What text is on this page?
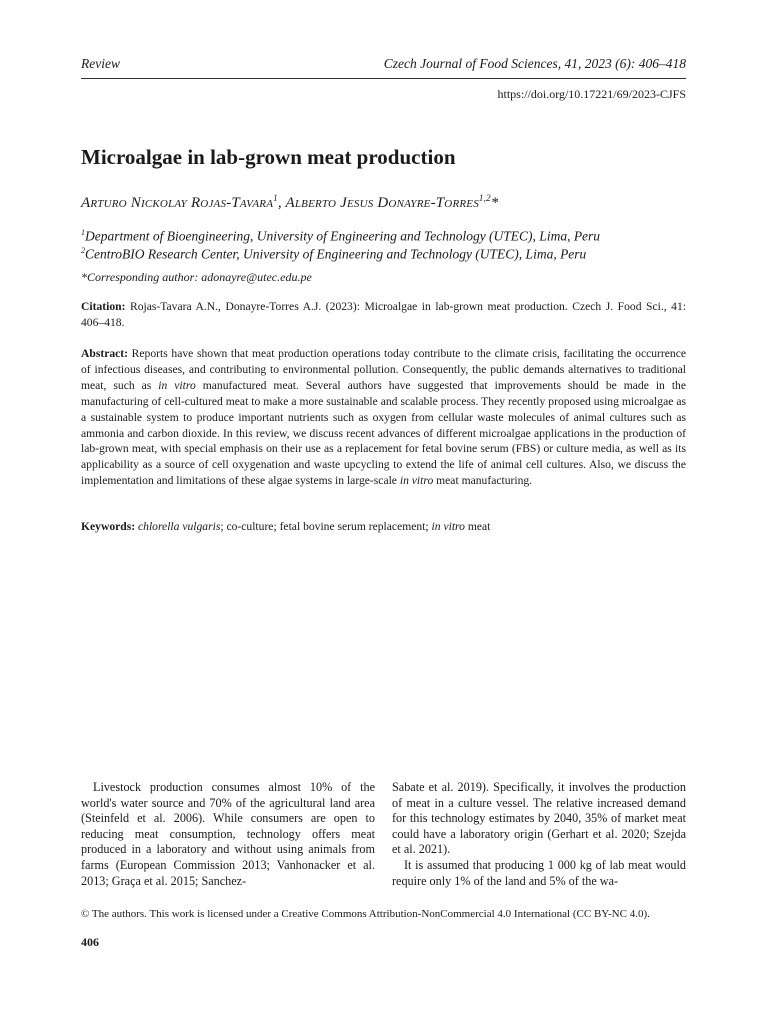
Review	Czech Journal of Food Sciences, 41, 2023 (6): 406–418
https://doi.org/10.17221/69/2023-CJFS
Microalgae in lab-grown meat production
Arturo Nickolay Rojas-Tavara$^1$, Alberto Jesus Donayre-Torres$^{1,2}$*
$^1$Department of Bioengineering, University of Engineering and Technology (UTEC), Lima, Peru
$^2$CentroBIO Research Center, University of Engineering and Technology (UTEC), Lima, Peru
*Corresponding author: adonayre@utec.edu.pe
Citation: Rojas-Tavara A.N., Donayre-Torres A.J. (2023): Microalgae in lab-grown meat production. Czech J. Food Sci., 41: 406–418.
Abstract: Reports have shown that meat production operations today contribute to the climate crisis, facilitating the occurrence of infectious diseases, and contributing to environmental pollution. Consequently, the public demands alternatives to traditional meat, such as in vitro manufactured meat. Several authors have suggested that improvements should be made in the manufacturing of cell-cultured meat to make a more sustainable and scalable process. They recently proposed using microalgae as a sustainable system to produce important nutrients such as oxygen from cellular waste molecules of animal cultures such as ammonia and carbon dioxide. In this review, we discuss recent advances of different microalgae applications in the production of lab-grown meat, with special emphasis on their use as a replacement for fetal bovine serum (FBS) or culture media, as well as its applicability as a source of cell oxygenation and waste upcycling to extend the life of animal cell cultures. Also, we discuss the implementation and limitations of these algae systems in large-scale in vitro meat manufacturing.
Keywords: chlorella vulgaris; co-culture; fetal bovine serum replacement; in vitro meat

Livestock production consumes almost 10% of the world's water source and 70% of the agricultural land area (Steinfeld et al. 2006). While consumers are open to reducing meat consumption, technology offers meat produced in a laboratory and without using animals from farms (European Commission 2013; Vanhonacker et al. 2013; Graça et al. 2015; Sanchez-

Sabate et al. 2019). Specifically, it involves the production of meat in a culture vessel. The relative increased demand for this technology estimates by 2040, 35% of market meat could have a laboratory origin (Gerhart et al. 2020; Szejda et al. 2021).

It is assumed that producing 1 000 kg of lab meat would require only 1% of the land and 5% of the wa-

© The authors. This work is licensed under a Creative Commons Attribution-NonCommercial 4.0 International (CC BY-NC 4.0).
406
